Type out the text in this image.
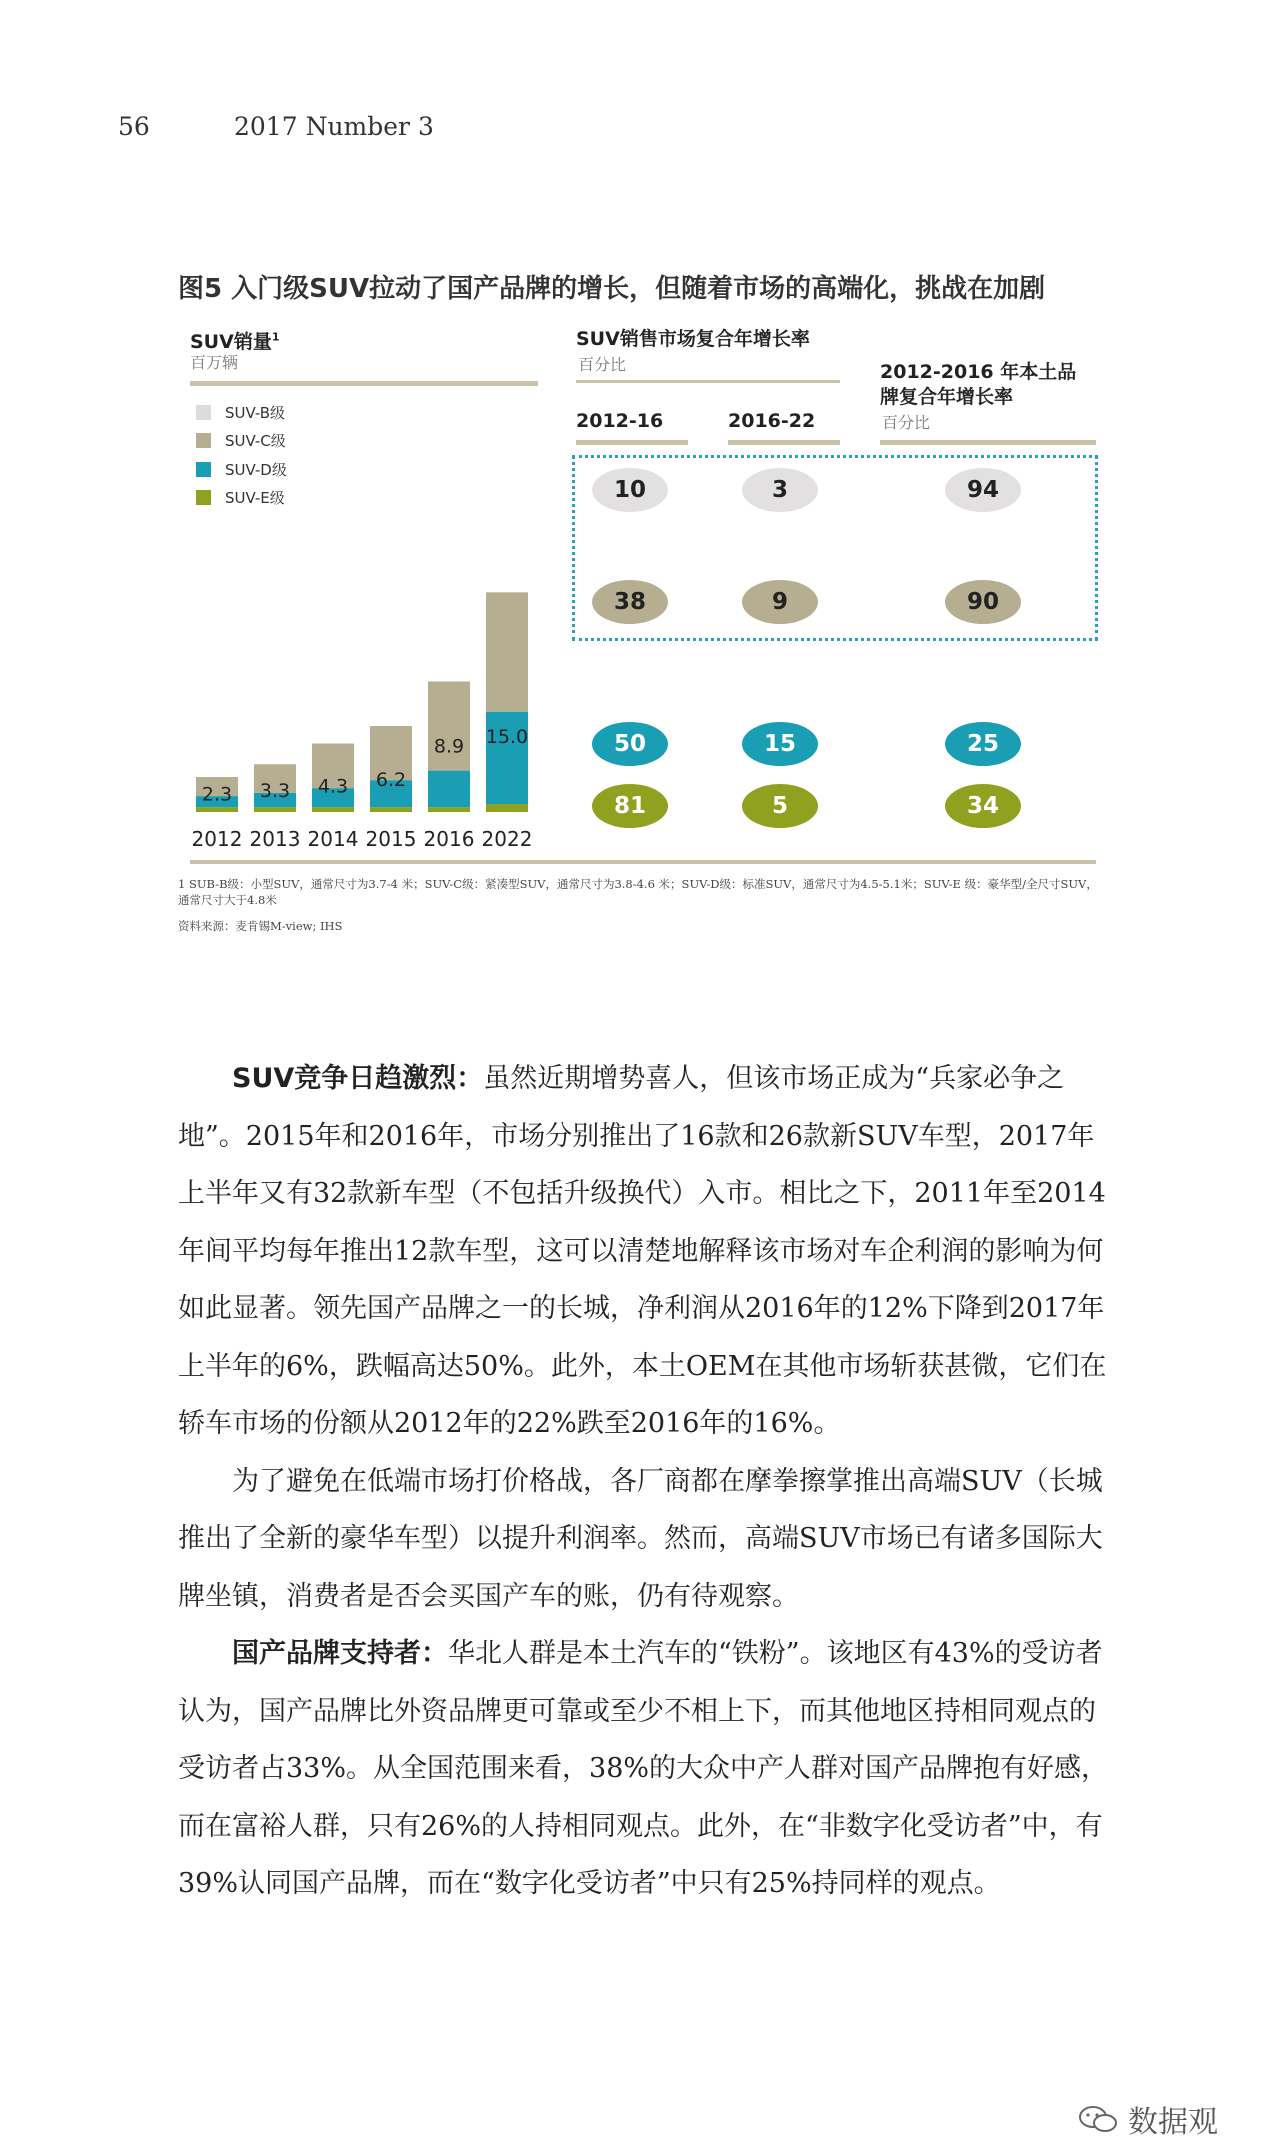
56	2017 Number 3
图5 入门级SUV拉动了国产品牌的增长，但随着市场的高端化，挑战在加剧
SUV销量$^1$
百万辆
SUV销售市场复合年增长率
百分比	2012-2016 年本土品
牌复合年增长率
百分比
2012-16	2016-22
SUV-B级
SUV-C级
SUV-D级
SUV-E级
2.3
2012
3.3
2013
4.3
2014
6.2
2015
8.9
2016
15.0
2022
10	3	94
38	9	90
50	15	25
81	5	34
1 SUB-B级：小型SUV，通常尺寸为3.7-4 米；SUV-C级：紧凑型SUV，通常尺寸为3.8-4.6 米；SUV-D级：标准SUV，通常尺寸为4.5-5.1米；SUV-E 级：豪华型/全尺寸SUV，通常尺寸大于4.8米
资料来源：麦肯锡M-view; IHS

SUV竞争日趋激烈：虽然近期增势喜人，但该市场正成为“兵家必争之地”。2015年和2016年，市场分别推出了16款和26款新SUV车型，2017年上半年又有32款新车型（不包括升级换代）入市。相比之下，2011年至2014年间平均每年推出12款车型，这可以清楚地解释该市场对车企利润的影响为何如此显著。领先国产品牌之一的长城，净利润从2016年的12%下降到2017年上半年的6%，跌幅高达50%。此外，本土OEM在其他市场斩获甚微，它们在轿车市场的份额从2012年的22%跌至2016年的16%。

为了避免在低端市场打价格战，各厂商都在摩拳擦掌推出高端SUV（长城推出了全新的豪华车型）以提升利润率。然而，高端SUV市场已有诸多国际大牌坐镇，消费者是否会买国产车的账，仍有待观察。

国产品牌支持者：华北人群是本土汽车的“铁粉”。该地区有43%的受访者认为，国产品牌比外资品牌更可靠或至少不相上下，而其他地区持相同观点的受访者占33%。从全国范围来看，38%的大众中产人群对国产品牌抱有好感，而在富裕人群，只有26%的人持相同观点。此外，在“非数字化受访者”中，有39%认同国产品牌，而在“数字化受访者”中只有25%持同样的观点。

数据观
